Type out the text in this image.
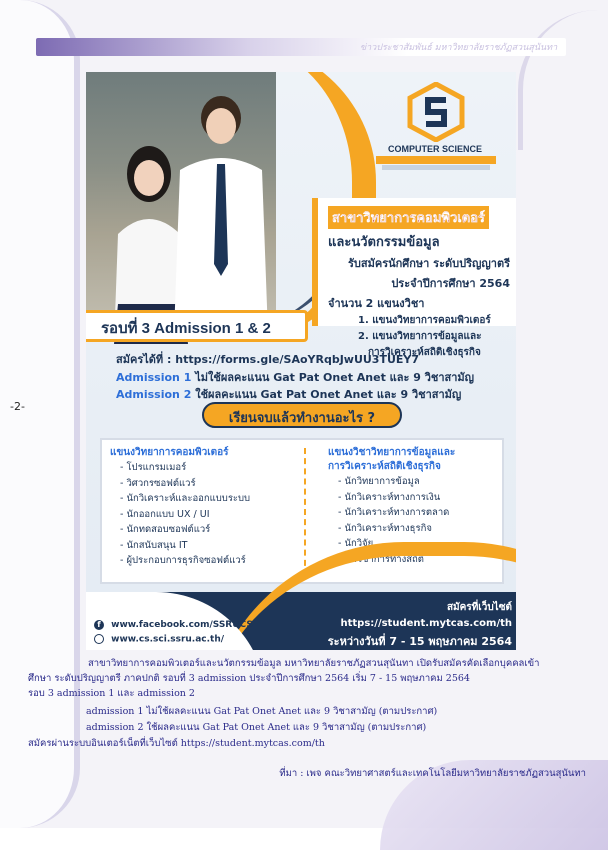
ข่าวประชาสัมพันธ์ มหาวิทยาลัยราชภัฏสวนสุนันทา
-2-
COMPUTER SCIENCE
สาขาวิทยาการคอมพิวเตอร์
และนวัตกรรมข้อมูล
รับสมัครนักศึกษา ระดับปริญญาตรี
ประจำปีการศึกษา 2564
จำนวน 2 แขนงวิชา
1. แขนงวิทยาการคอมพิวเตอร์
2. แขนงวิทยาการข้อมูลและ
การวิเคราะห์สถิติเชิงธุรกิจ
รอบที่ 3 Admission 1 & 2
สมัครได้ที่ : https://forms.gle/SAoYRqbJwUU3TUEY7
Admission 1 ไม่ใช้ผลคะแนน Gat Pat Onet Anet และ 9 วิชาสามัญ
Admission 2 ใช้ผลคะแนน Gat Pat Onet Anet และ 9 วิชาสามัญ
เรียนจบแล้วทำงานอะไร ?
แขนงวิทยาการคอมพิวเตอร์
- โปรแกรมเมอร์
- วิศวกรซอฟต์แวร์
- นักวิเคราะห์และออกแบบระบบ
- นักออกแบบ UX / UI
- นักทดสอบซอฟต์แวร์
- นักสนับสนุน IT
- ผู้ประกอบการธุรกิจซอฟต์แวร์
แขนงวิชาวิทยาการข้อมูลและ
การวิเคราะห์สถิติเชิงธุรกิจ
- นักวิทยาการข้อมูล
- นักวิเคราะห์ทางการเงิน
- นักวิเคราะห์ทางการตลาด
- นักวิเคราะห์ทางธุรกิจ
- นักวิจัย
- นักวิชาการทางสถิติ
f www.facebook.com/SSRUCS
www.cs.sci.ssru.ac.th/
สมัครที่เว็บไซต์
https://student.mytcas.com/th
ระหว่างวันที่ 7 - 15 พฤษภาคม 2564
สาขาวิทยาการคอมพิวเตอร์และนวัตกรรมข้อมูล มหาวิทยาลัยราชภัฏสวนสุนันทา เปิดรับสมัครคัดเลือกบุคคลเข้า
ศึกษา ระดับปริญญาตรี ภาคปกติ รอบที่ 3 admission ประจำปีการศึกษา 2564 เริ่ม 7 - 15 พฤษภาคม 2564
รอบ 3 admission 1 และ admission 2
admission 1 ไม่ใช้ผลคะแนน Gat Pat Onet Anet และ 9 วิชาสามัญ (ตามประกาศ)
admission 2 ใช้ผลคะแนน Gat Pat Onet Anet และ 9 วิชาสามัญ (ตามประกาศ)
สมัครผ่านระบบอินเตอร์เน็ตที่เว็บไซต์ https://student.mytcas.com/th
ที่มา : เพจ คณะวิทยาศาสตร์และเทคโนโลยีมหาวิทยาลัยราชภัฏสวนสุนันทา
